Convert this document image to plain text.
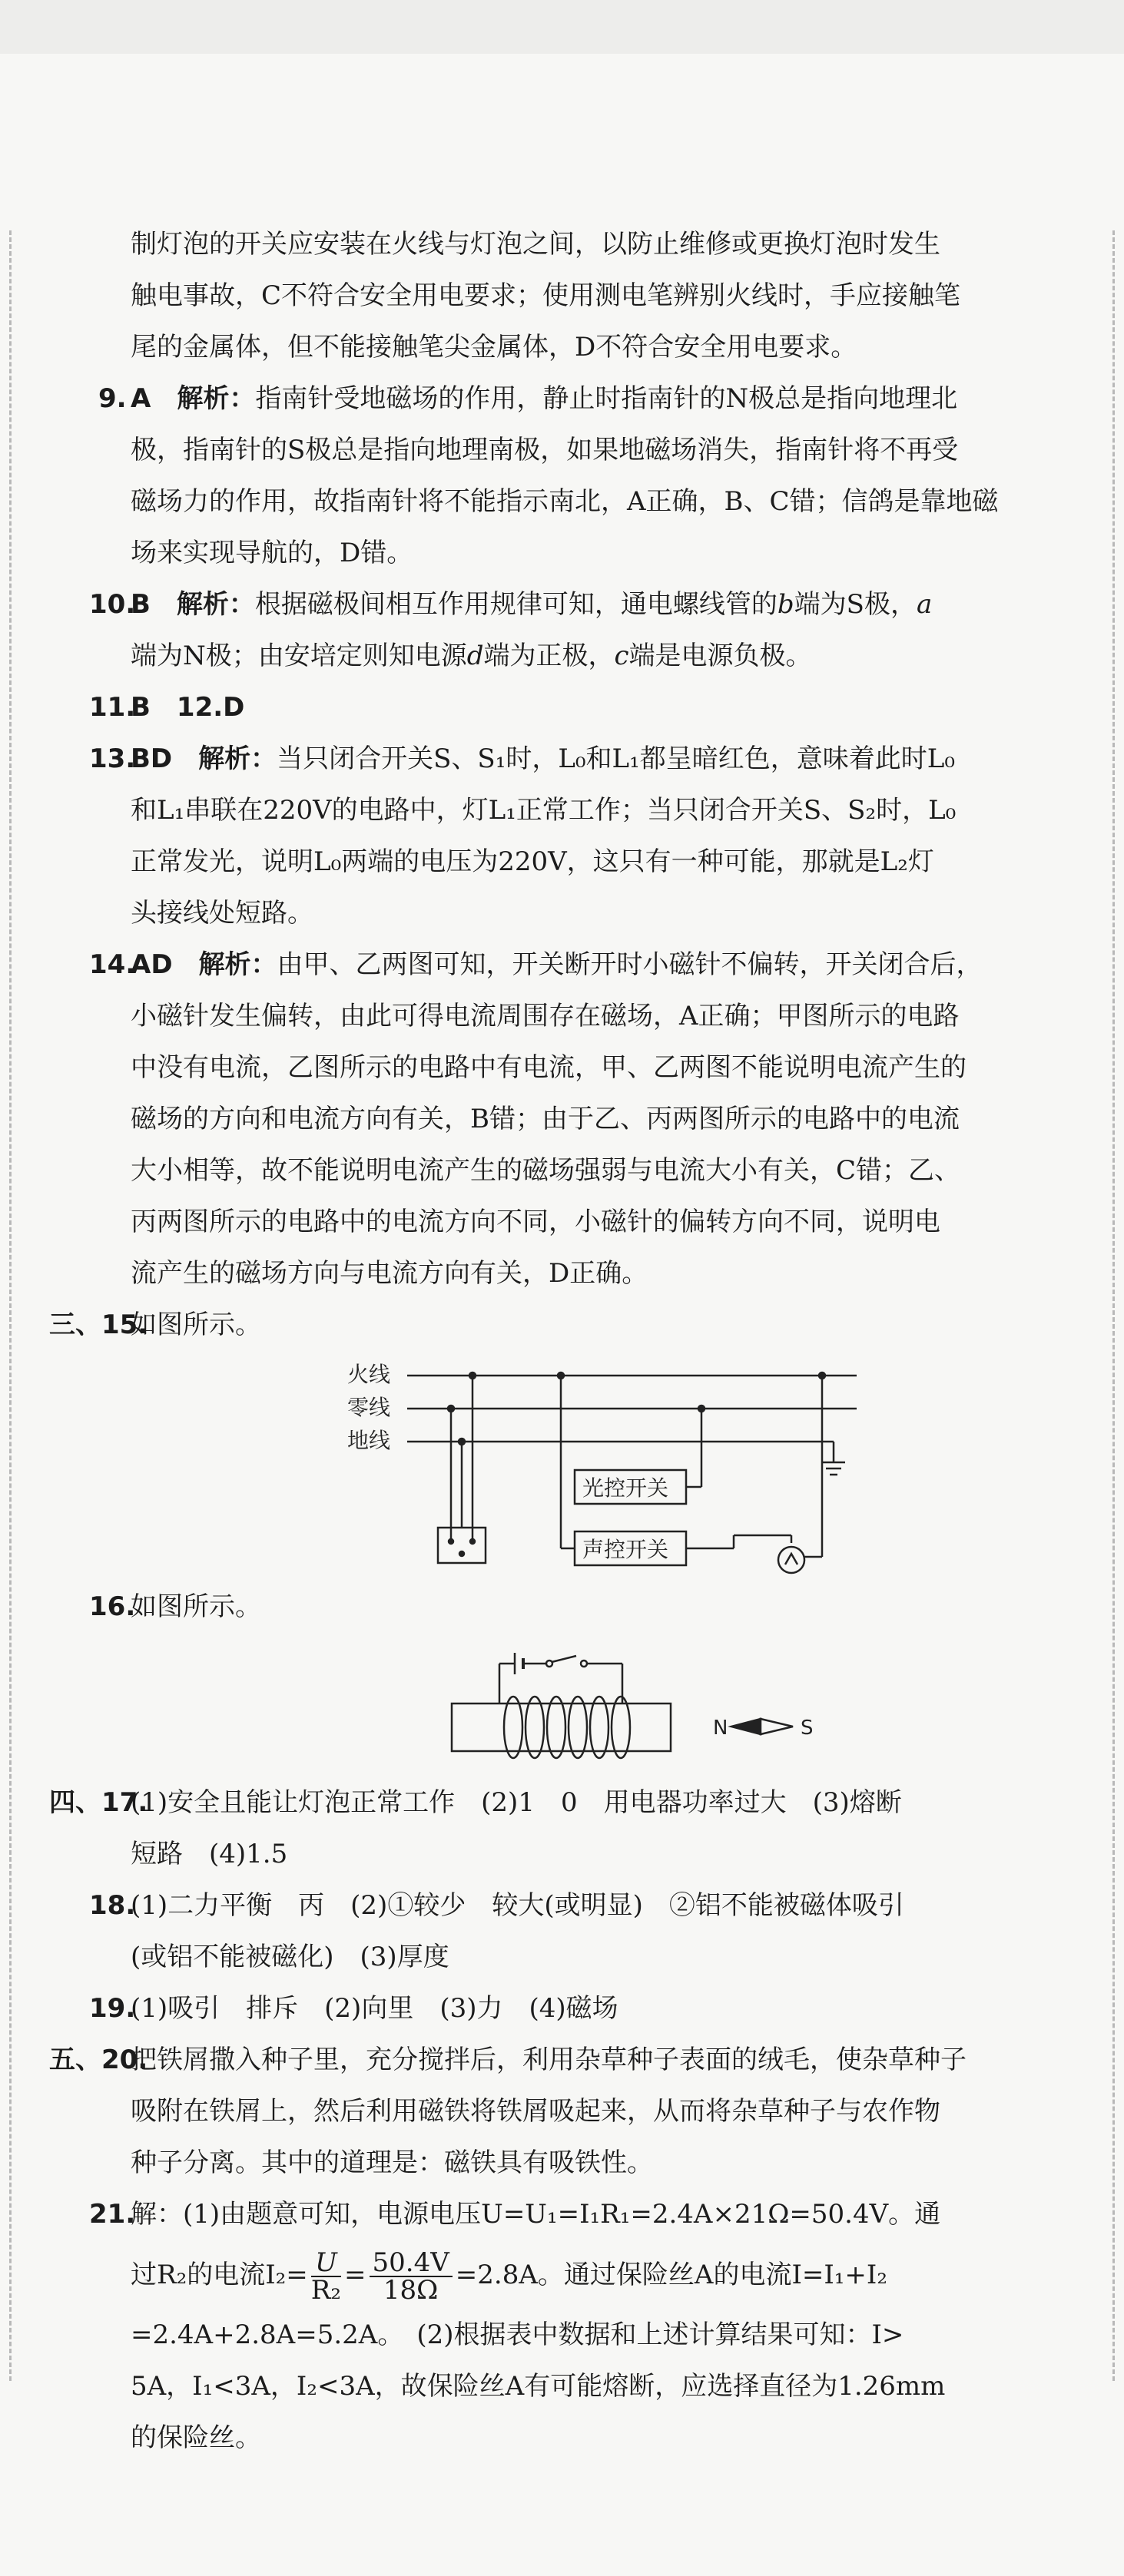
制灯泡的开关应安装在火线与灯泡之间，以防止维修或更换灯泡时发生

触电事故，C不符合安全用电要求；使用测电笔辨别火线时，手应接触笔

尾的金属体，但不能接触笔尖金属体，D不符合安全用电要求。

9. A　 解析：指南针受地磁场的作用，静止时指南针的N极总是指向地理北

极，指南针的S极总是指向地理南极，如果地磁场消失，指南针将不再受

磁场力的作用，故指南针将不能指示南北，A正确，B、C错；信鸽是靠地磁

场来实现导航的，D错。

10.
B　 解析：根据磁极间相互作用规律可知，通电螺线管的b端为S极，a

端为N极；由安培定则知电源d端为正极，c端是电源负极。

11.
B　 12.D

13.
BD　 解析：当只闭合开关S、S₁时，L₀和L₁都呈暗红色，意味着此时L₀

和L₁串联在220V的电路中，灯L₁正常工作；当只闭合开关S、S₂时，L₀

正常发光，说明L₀两端的电压为220V，这只有一种可能，那就是L₂灯

头接线处短路。

14.
AD　 解析：由甲、乙两图可知，开关断开时小磁针不偏转，开关闭合后，

小磁针发生偏转，由此可得电流周围存在磁场，A正确；甲图所示的电路

中没有电流，乙图所示的电路中有电流，甲、乙两图不能说明电流产生的

磁场的方向和电流方向有关，B错；由于乙、丙两图所示的电路中的电流

大小相等，故不能说明电流产生的磁场强弱与电流大小有关，C错；乙、

丙两图所示的电路中的电流方向不同，小磁针的偏转方向不同，说明电

流产生的磁场方向与电流方向有关，D正确。

三、15.
如图所示。

火线
零线
地线
光控开关
声控开关

16.
如图所示。

N	S

四、17.
(1)安全且能让灯泡正常工作　(2)1　0　用电器功率过大　(3)熔断

短路　(4)1.5

18.
(1)二力平衡　丙　(2)①较少　较大(或明显)　②铝不能被磁体吸引

(或铝不能被磁化)　(3)厚度

19.
(1)吸引　排斥　(2)向里　(3)力　(4)磁场

五、20.
把铁屑撒入种子里，充分搅拌后，利用杂草种子表面的绒毛，使杂草种子

吸附在铁屑上，然后利用磁铁将铁屑吸起来，从而将杂草种子与农作物

种子分离。其中的道理是：磁铁具有吸铁性。

21.
解：(1)由题意可知，电源电压U=U₁=I₁R₁=2.4A×21Ω=50.4V。通

过R₂的电流$I_2= \frac{U}{\text{R₂}} = \frac{50.4V}{18\Omega} =2.8A$。通过保险丝A的电流I=I₁+I₂

=2.4A+2.8A=5.2A。　(2)根据表中数据和上述计算结果可知：I>

5A，I₁<3A，I₂<3A，故保险丝A有可能熔断，应选择直径为1.26mm

的保险丝。
